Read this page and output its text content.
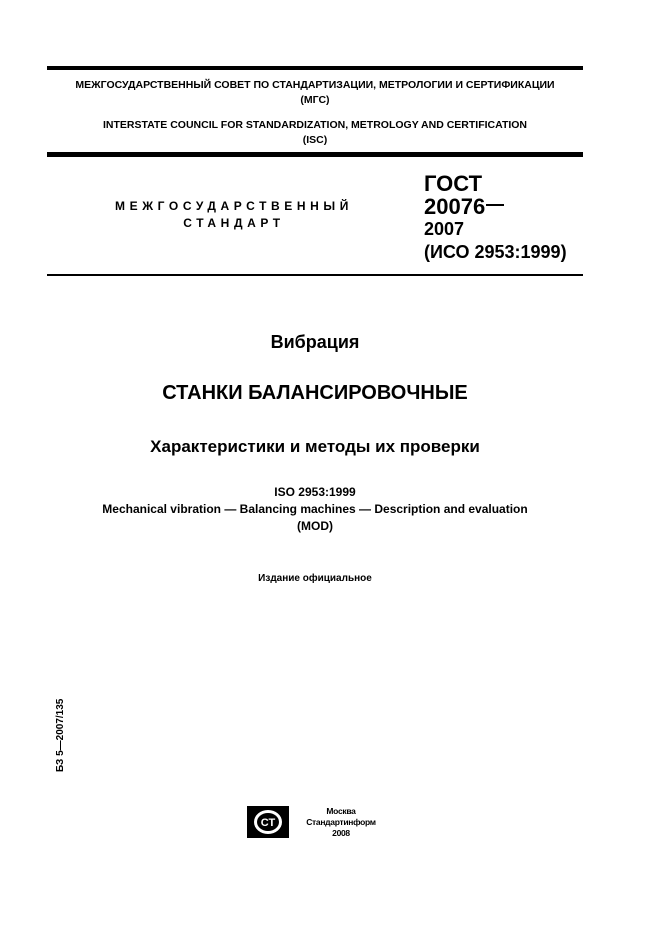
МЕЖГОСУДАРСТВЕННЫЙ СОВЕТ ПО СТАНДАРТИЗАЦИИ, МЕТРОЛОГИИ И СЕРТИФИКАЦИИ
(МГС)
INTERSTATE COUNCIL FOR STANDARDIZATION, METROLOGY AND CERTIFICATION
(ISC)
МЕЖГОСУДАРСТВЕННЫЙ
СТАНДАРТ
ГОСТ
20076
2007
(ИСО 2953:1999)
Вибрация
СТАНКИ БАЛАНСИРОВОЧНЫЕ
Характеристики и методы их проверки
ISO 2953:1999
Mechanical vibration — Balancing machines — Description and evaluation
(MOD)
Издание официальное
БЗ 5—2007/135
СТ
Москва
Стандартинформ
2008
